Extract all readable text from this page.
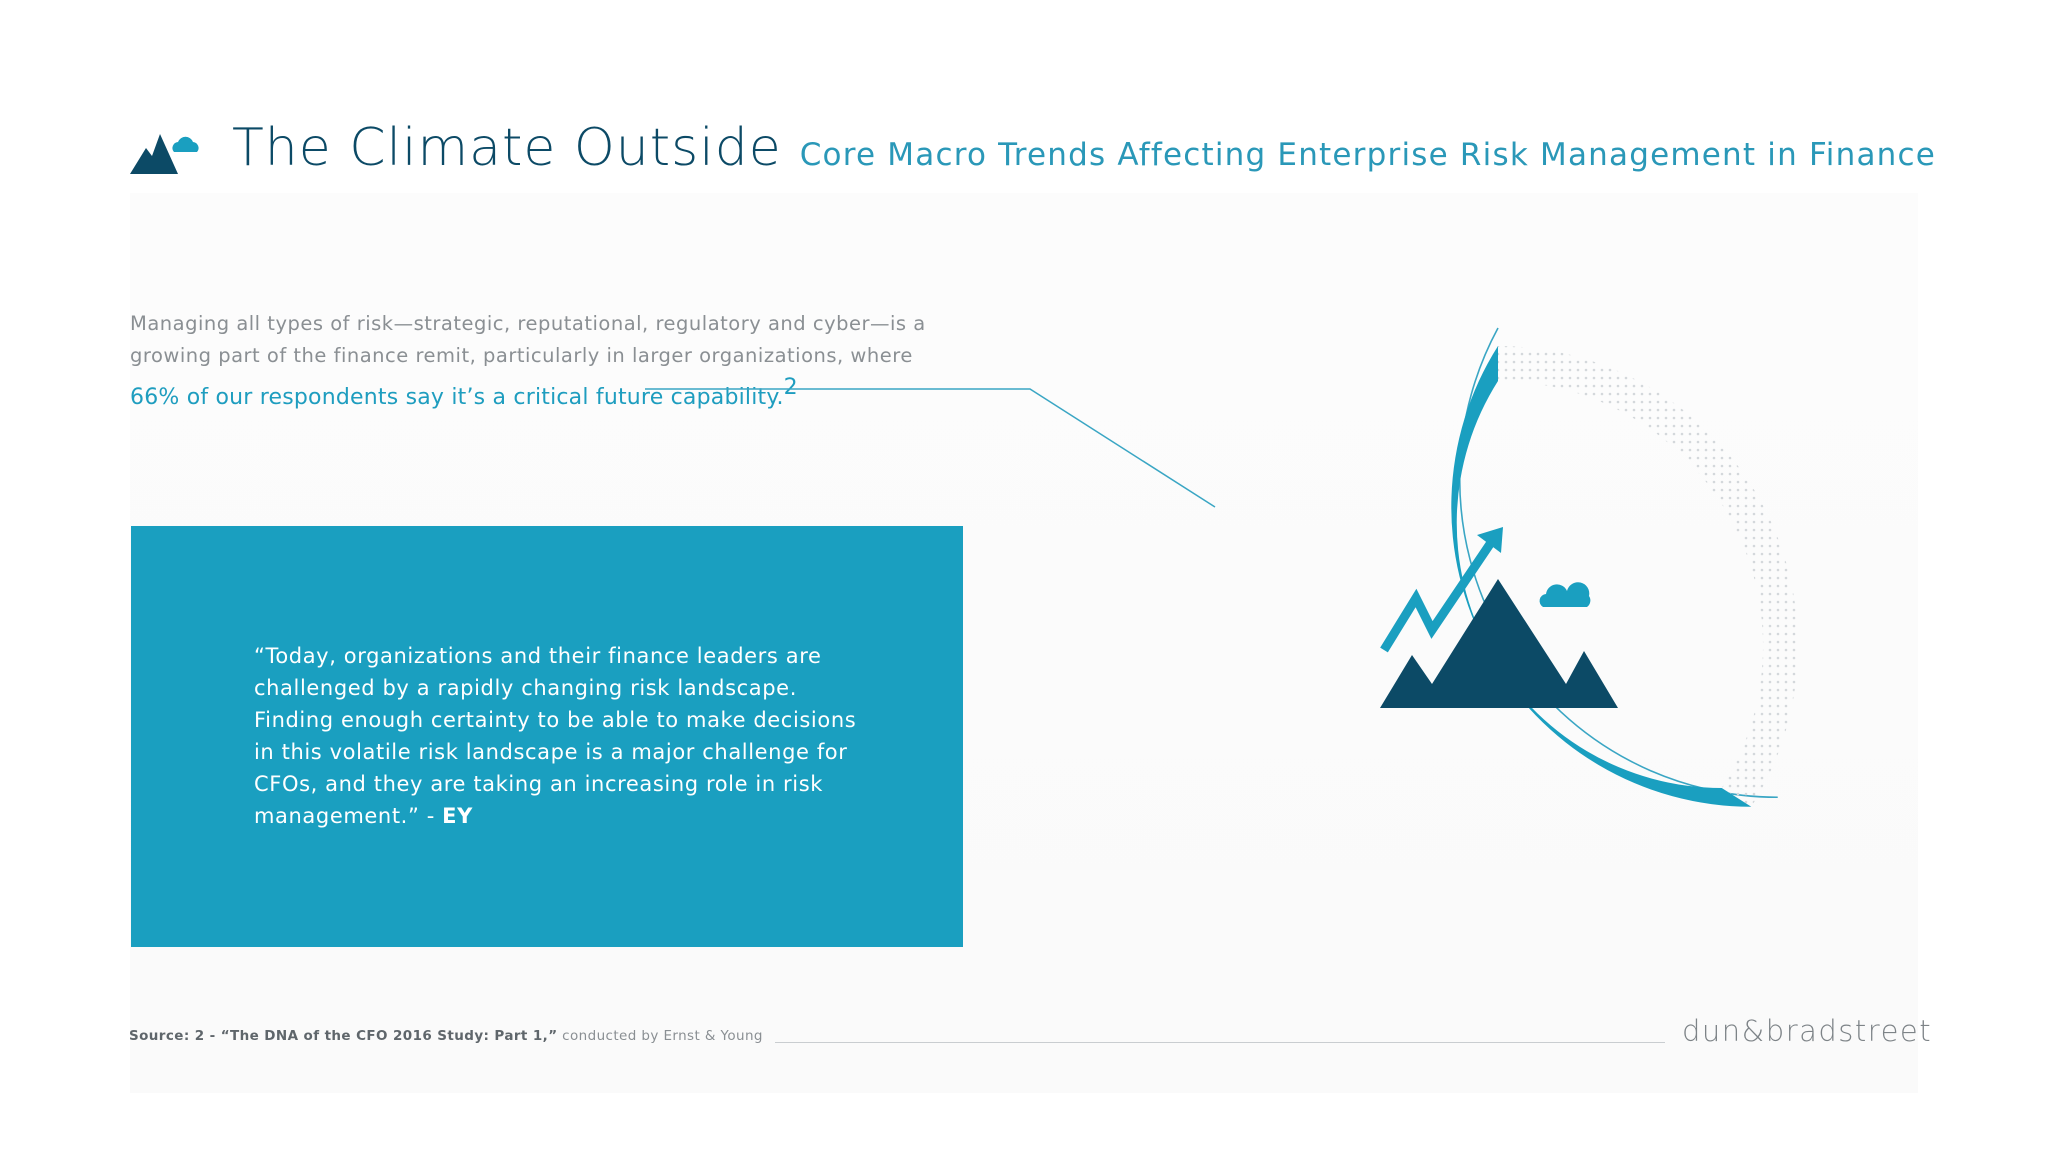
The Climate Outside Core Macro Trends Affecting Enterprise Risk Management in Finance
Managing all types of risk—strategic, reputational, regulatory and cyber—is a growing part of the finance remit, particularly in larger organizations, where 66% of our respondents say it’s a critical future capability.$^2$
“Today, organizations and their finance leaders are challenged by a rapidly changing risk landscape. Finding enough certainty to be able to make decisions in this volatile risk landscape is a major challenge for CFOs, and they are taking an increasing role in risk management.” - EY
Source: 2 - “The DNA of the CFO 2016 Study: Part 1,” conducted by Ernst & Young	dun&bradstreet
